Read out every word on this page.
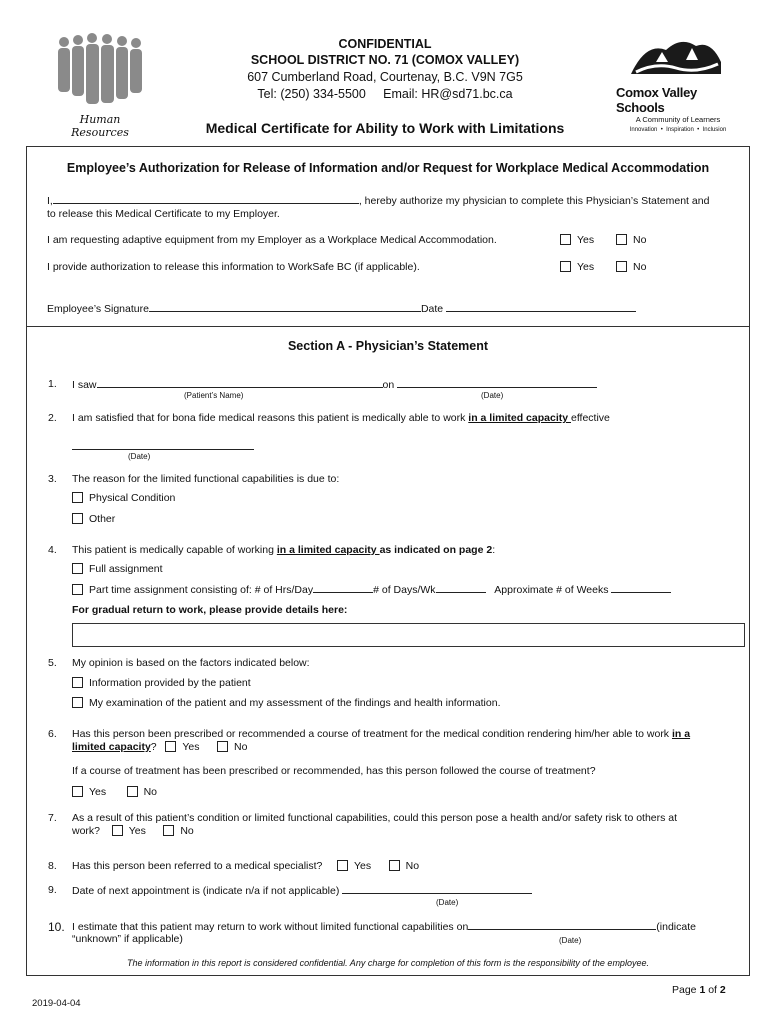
Human Resources
CONFIDENTIAL
SCHOOL DISTRICT NO. 71 (COMOX VALLEY)
607 Cumberland Road, Courtenay, B.C. V9N 7G5
Tel: (250) 334-5500     Email: HR@sd71.bc.ca
Medical Certificate for Ability to Work with Limitations
Comox Valley Schools
A Community of Learners
Innovation  •  Inspiration  •  Inclusion
Employee’s Authorization for Release of Information and/or Request for Workplace Medical Accommodation
I,	, hereby authorize my physician to complete this Physician’s Statement and
to release this Medical Certificate to my Employer.
I am requesting adaptive equipment from my Employer as a Workplace Medical Accommodation.	Yes	No
I provide authorization to release this information to WorkSafe BC (if applicable).	Yes	No
Employee’s Signature	Date
Section A - Physician’s Statement
1. I saw	on
(Patient’s Name)	(Date)
2. I am satisfied that for bona fide medical reasons this patient is medically able to work in a limited capacity effective
(Date)
3. The reason for the limited functional capabilities is due to:
Physical Condition
Other
4. This patient is medically capable of working in a limited capacity as indicated on page 2:
Full assignment
Part time assignment consisting of: # of Hrs/Day	# of Days/Wk	Approximate # of Weeks
For gradual return to work, please provide details here:
5. My opinion is based on the factors indicated below:
Information provided by the patient
My examination of the patient and my assessment of the findings and health information.
6. Has this person been prescribed or recommended a course of treatment for the medical condition rendering him/her able to work in a
limited capacity? Yes	No
If a course of treatment has been prescribed or recommended, has this person followed the course of treatment?
Yes	No
7. As a result of this patient’s condition or limited functional capabilities, could this person pose a health and/or safety risk to others at
work?	Yes	No
8. Has this person been referred to a medical specialist?	Yes	No
9. Date of next appointment is (indicate n/a if not applicable)
(Date)
10. I estimate that this patient may return to work without limited functional capabilities on	(indicate
“unknown” if applicable)	(Date)
The information in this report is considered confidential. Any charge for completion of this form is the responsibility of the employee.
Page 1 of 2
2019-04-04
